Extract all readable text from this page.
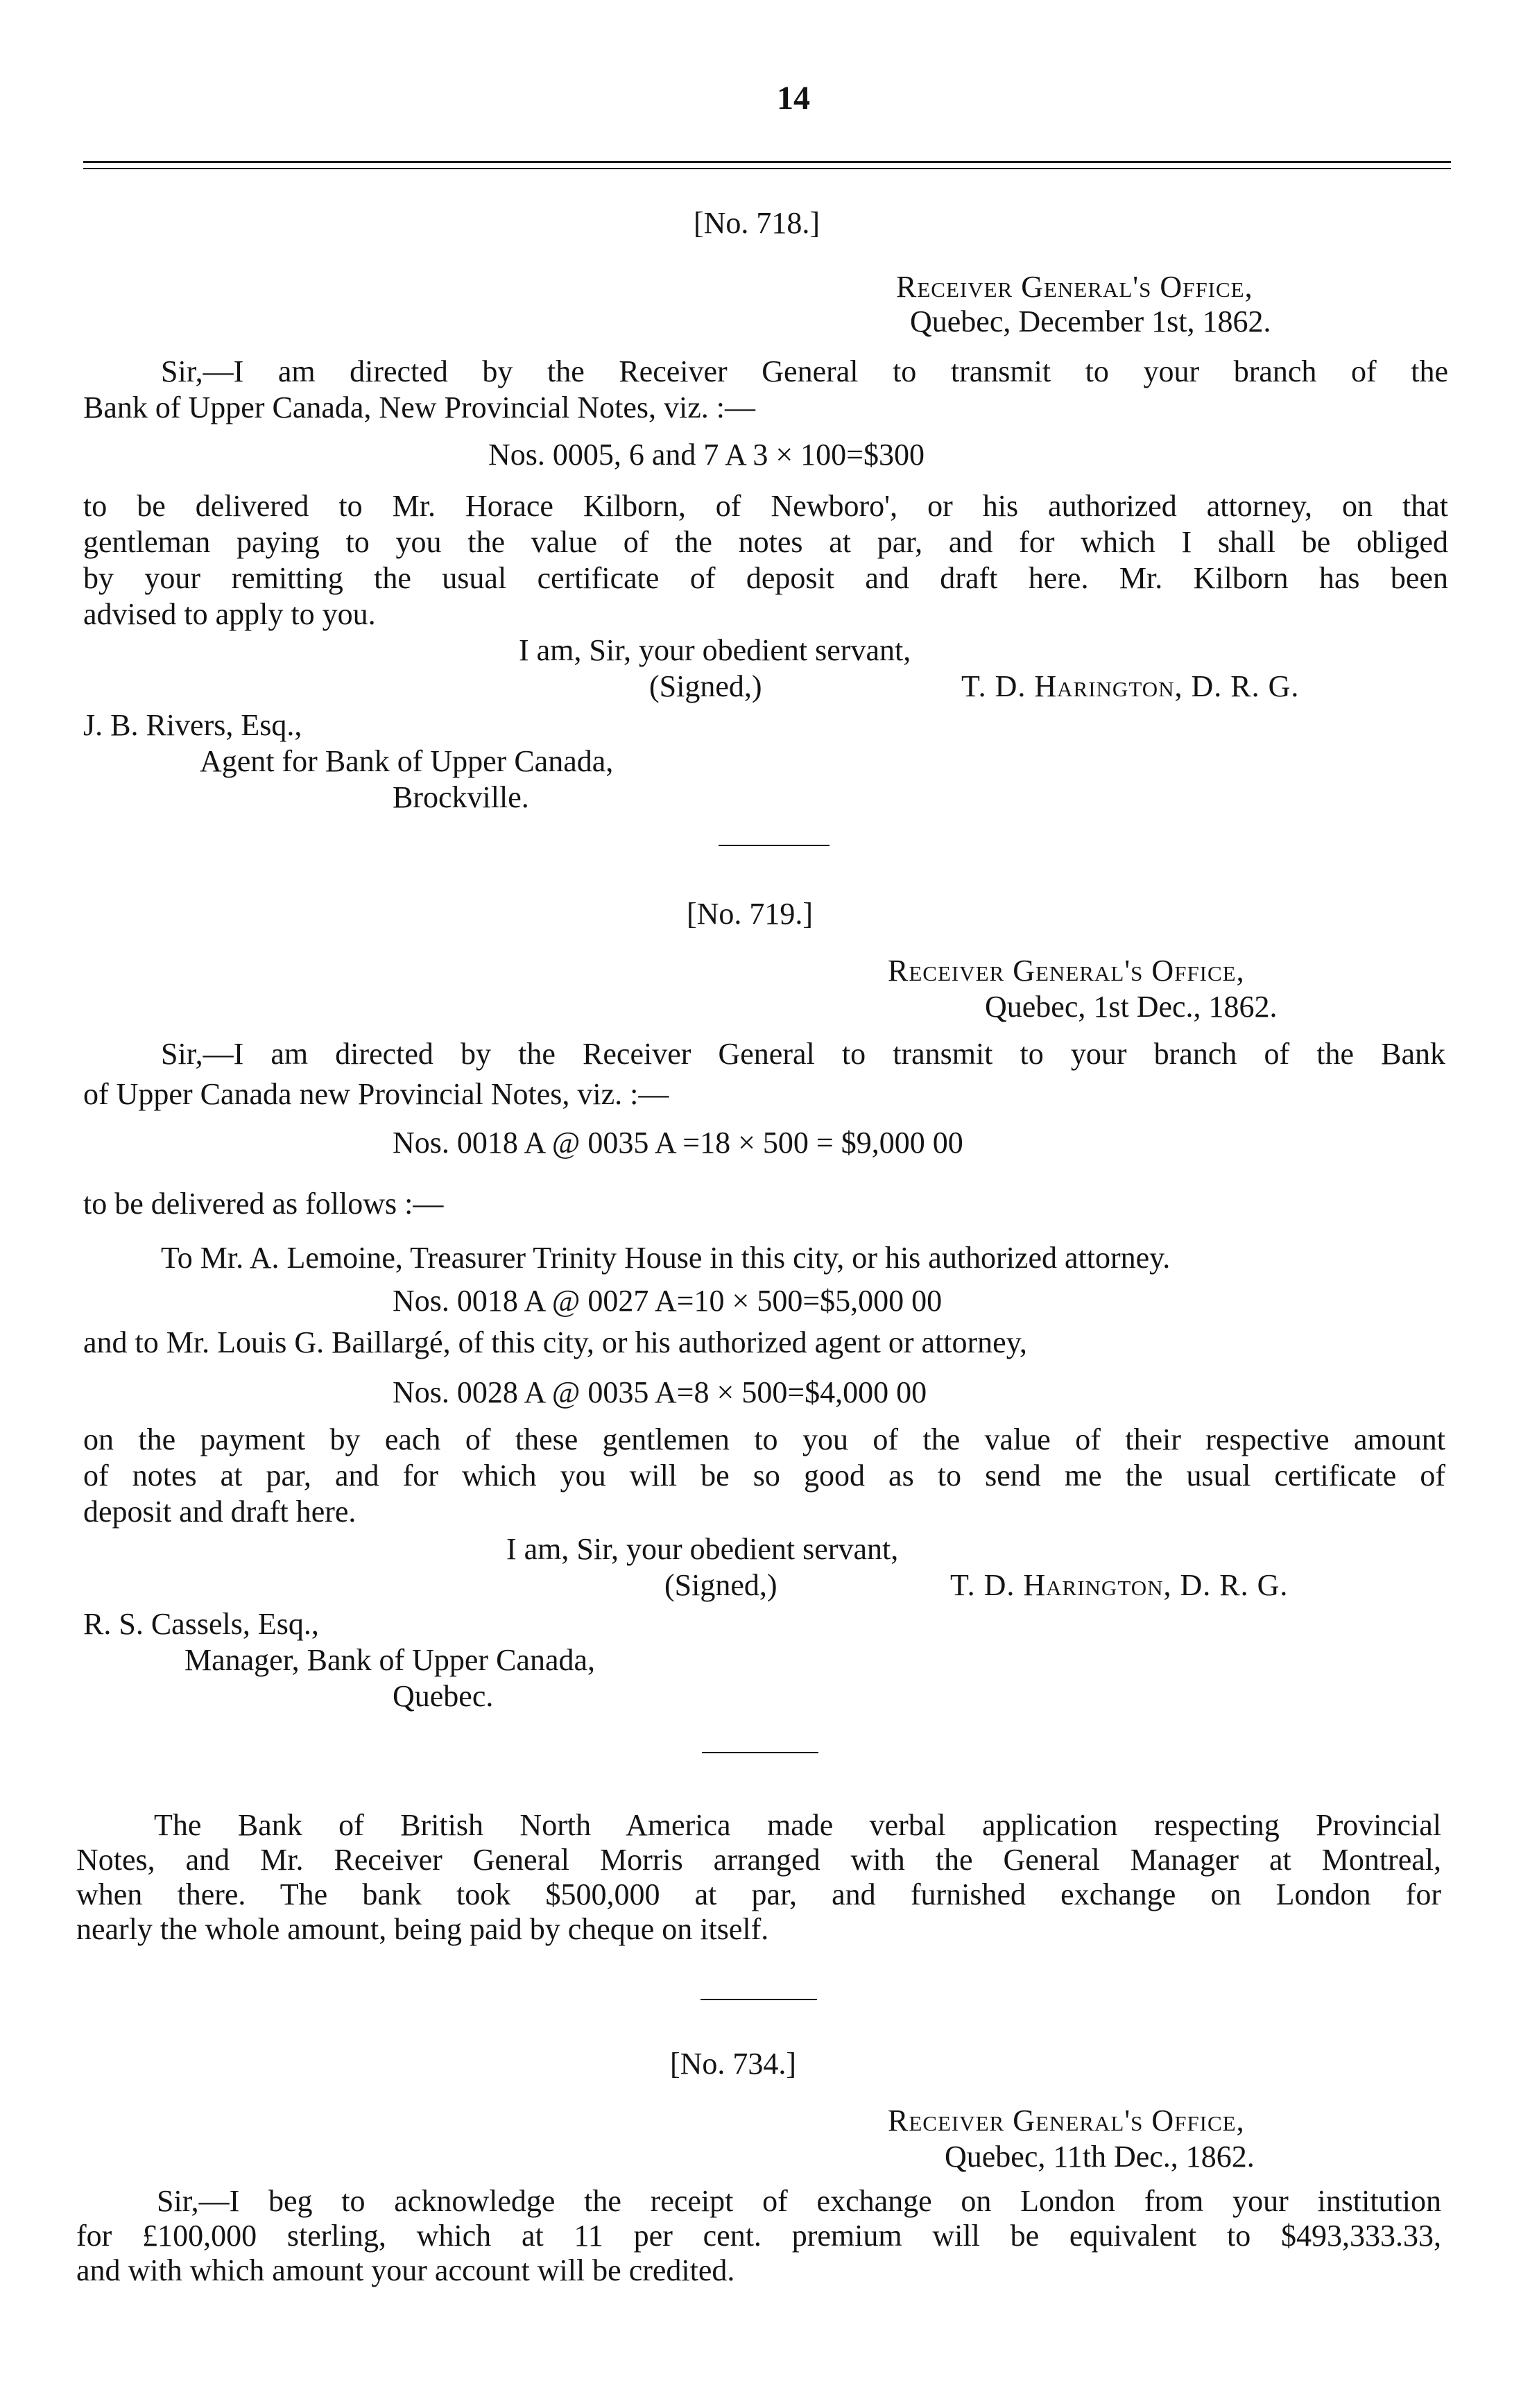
14
[No. 718.]
Receiver General's Office,
Quebec, December 1st, 1862.
Sir,—I am directed by the Receiver General to transmit to your branch of the
Bank of Upper Canada, New Provincial Notes, viz. :—
Nos. 0005, 6 and 7 A 3 × 100=$300
to be delivered to Mr. Horace Kilborn, of Newboro', or his authorized attorney, on that
gentleman paying to you the value of the notes at par, and for which I shall be obliged
by your remitting the usual certificate of deposit and draft here. Mr. Kilborn has been
advised to apply to you.
I am, Sir, your obedient servant,
(Signed,)	T. D. Harington, D. R. G.
J. B. Rivers, Esq.,
Agent for Bank of Upper Canada,
Brockville.
[No. 719.]
Receiver General's Office,
Quebec, 1st Dec., 1862.
Sir,—I am directed by the Receiver General to transmit to your branch of the Bank
of Upper Canada new Provincial Notes, viz. :—
Nos. 0018 A @ 0035 A =18 × 500 = $9,000 00
to be delivered as follows :—
To Mr. A. Lemoine, Treasurer Trinity House in this city, or his authorized attorney.
Nos. 0018 A @ 0027 A=10 × 500=$5,000 00
and to Mr. Louis G. Baillargé, of this city, or his authorized agent or attorney,
Nos. 0028 A @ 0035 A=8 × 500=$4,000 00
on the payment by each of these gentlemen to you of the value of their respective amount
of notes at par, and for which you will be so good as to send me the usual certificate of
deposit and draft here.
I am, Sir, your obedient servant,
(Signed,)	T. D. Harington, D. R. G.
R. S. Cassels, Esq.,
Manager, Bank of Upper Canada,
Quebec.
The Bank of British North America made verbal application respecting Provincial
Notes, and Mr. Receiver General Morris arranged with the General Manager at Montreal,
when there. The bank took $500,000 at par, and furnished exchange on London for
nearly the whole amount, being paid by cheque on itself.
[No. 734.]
Receiver General's Office,
Quebec, 11th Dec., 1862.
Sir,—I beg to acknowledge the receipt of exchange on London from your institution
for £100,000 sterling, which at 11 per cent. premium will be equivalent to $493,333.33,
and with which amount your account will be credited.
